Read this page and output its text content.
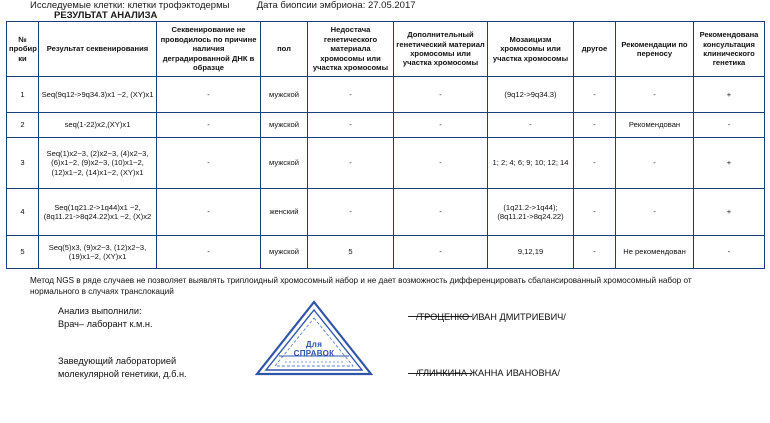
Исследуемые клетки: клетки трофэктодермы	Дата биопсии эмбриона: 27.05.2017
РЕЗУЛЬТАТ АНАЛИЗА
№ пробир ки	Результат секвенирования	Секвенирование не проводилось по причине наличия деградированной ДНК в образце	пол	Недостача генетического материала хромосомы или участка хромосомы	Дополнительный генетический материал хромосомы или участка хромосомы	Мозаицизм хромосомы или участка хромосомы	другое	Рекомендации по переносу	Рекомендована консультация клинического генетика
1	Seq(9q12->9q34.3)x1 ~2, (XY)x1	-	мужской	-	-	(9q12->9q34.3)	-	-	+
2	seq(1-22)x2,(XY)x1	-	мужской	-	-	-	-	Рекомендован	-
3	Seq(1)x2~3, (2)x2~3, (4)x2~3, (6)x1~2, (9)x2~3, (10)x1~2, (12)x1~2, (14)x1~2, (XY)x1	-	мужской	-	-	1; 2; 4; 6; 9; 10; 12; 14	-	-	+
4	Seq(1q21.2->1q44)x1 ~2, (8q11.21->8q24.22)x1 ~2, (X)x2	-	женский	-	-	(1q21.2->1q44); (8q11.21->8q24.22)	-	-	+
5	Seq(5)x3, (9)x2~3, (12)x2~3, (19)x1~2, (XY)x1	-	мужской	5	-	9,12,19	-	Не рекомендован	-
Метод NGS в ряде случаев не позволяет выявлять триплоидный хромосомный набор и не дает возможность дифференцировать сбалансированный хромосомный набор от нормального в случаях транслокаций
Анализ выполнили:
Врач– лаборант к.м.н.
/ТРОЦЕНКО ИВАН ДМИТРИЕВИЧ/
Заведующий лабораторией
молекулярной генетики, д.б.н.	/ГЛИНКИНА ЖАННА ИВАНОВНА/
Для
СПРАВОК
